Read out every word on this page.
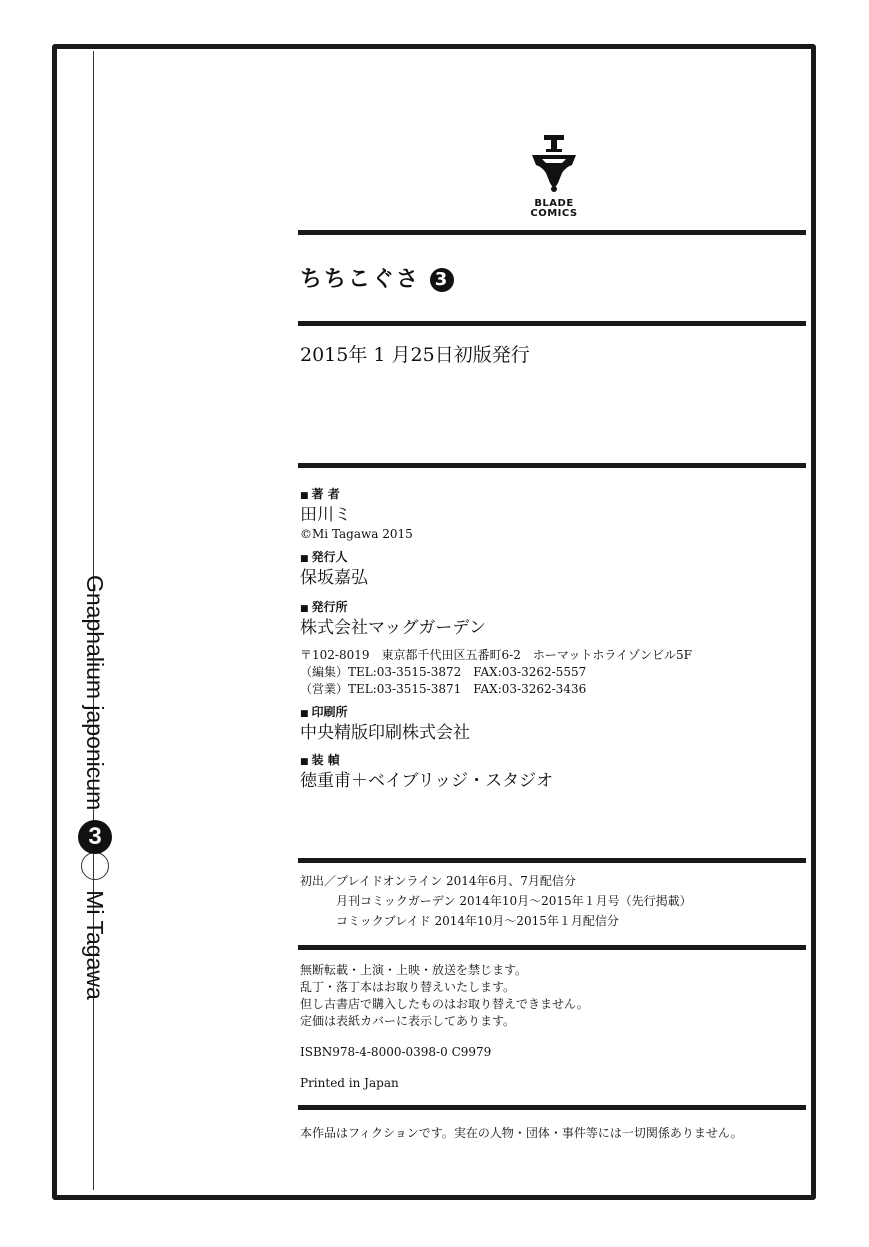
Gnaphalium japonicum
3
Mi Tagawa
BLADE
COMICS
ちちこぐさ 3
2015年 1 月25日初版発行
■ 著 者
田川ミ
©Mi Tagawa 2015
■ 発行人
保坂嘉弘
■ 発行所
株式会社マッグガーデン
〒102-8019　東京都千代田区五番町6-2　ホーマットホライゾンビル5F
（編集）TEL:03-3515-3872　FAX:03-3262-5557
（営業）TEL:03-3515-3871　FAX:03-3262-3436
■ 印刷所
中央精版印刷株式会社
■ 装 幀
徳重甫＋ベイブリッジ・スタジオ
初出／ブレイドオンライン 2014年6月、7月配信分
　　　月刊コミックガーデン 2014年10月～2015年１月号（先行掲載）
　　　コミックブレイド 2014年10月～2015年１月配信分
無断転載・上演・上映・放送を禁じます。
乱丁・落丁本はお取り替えいたします。
但し古書店で購入したものはお取り替えできません。
定価は表紙カバーに表示してあります。
ISBN978-4-8000-0398-0 C9979
Printed in Japan
本作品はフィクションです。実在の人物・団体・事件等には一切関係ありません。
